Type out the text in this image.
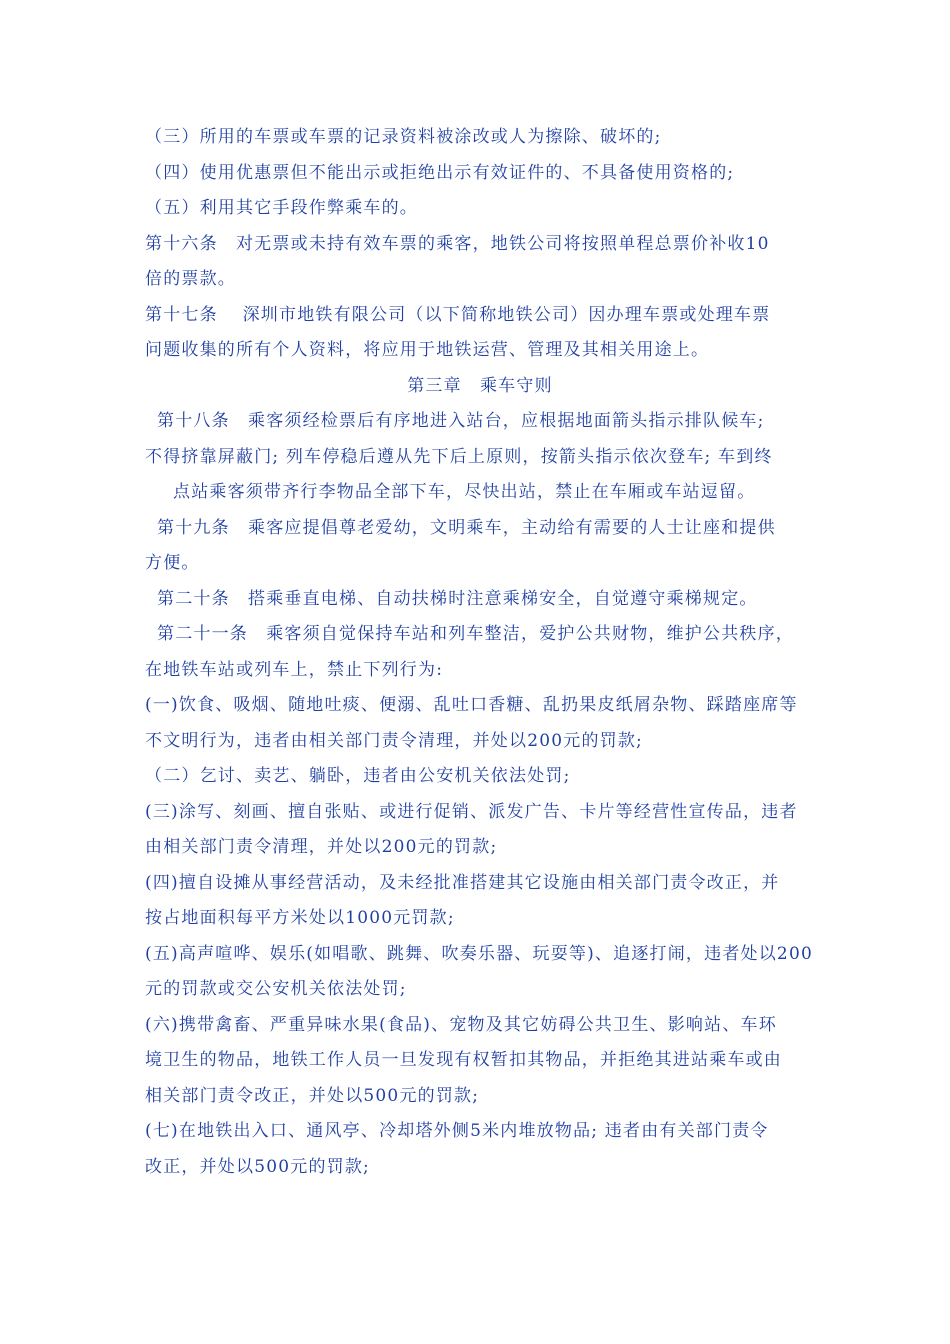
（三）所用的车票或车票的记录资料被涂改或人为擦除、破坏的;
（四）使用优惠票但不能出示或拒绝出示有效证件的、不具备使用资格的;
（五）利用其它手段作弊乘车的。
第十六条　对无票或未持有效车票的乘客，地铁公司将按照单程总票价补收10
倍的票款。
第十七条　 深圳市地铁有限公司（以下简称地铁公司）因办理车票或处理车票
问题收集的所有个人资料，将应用于地铁运营、管理及其相关用途上。
第三章　乘车守则
第十八条　乘客须经检票后有序地进入站台，应根据地面箭头指示排队候车;
不得挤靠屏蔽门; 列车停稳后遵从先下后上原则，按箭头指示依次登车; 车到终
点站乘客须带齐行李物品全部下车，尽快出站，禁止在车厢或车站逗留。
第十九条　乘客应提倡尊老爱幼，文明乘车，主动给有需要的人士让座和提供
方便。
第二十条　搭乘垂直电梯、自动扶梯时注意乘梯安全，自觉遵守乘梯规定。
第二十一条　乘客须自觉保持车站和列车整洁，爱护公共财物，维护公共秩序，
在地铁车站或列车上，禁止下列行为:
(一)饮食、吸烟、随地吐痰、便溺、乱吐口香糖、乱扔果皮纸屑杂物、踩踏座席等
不文明行为，违者由相关部门责令清理，并处以200元的罚款;
（二）乞讨、卖艺、躺卧，违者由公安机关依法处罚;
(三)涂写、刻画、擅自张贴、或进行促销、派发广告、卡片等经营性宣传品，违者
由相关部门责令清理，并处以200元的罚款;
(四)擅自设摊从事经营活动，及未经批准搭建其它设施由相关部门责令改正，并
按占地面积每平方米处以1000元罚款;
(五)高声喧哗、娱乐(如唱歌、跳舞、吹奏乐器、玩耍等)、追逐打闹，违者处以200
元的罚款或交公安机关依法处罚;
(六)携带禽畜、严重异味水果(食品)、宠物及其它妨碍公共卫生、影响站、车环
境卫生的物品，地铁工作人员一旦发现有权暂扣其物品，并拒绝其进站乘车或由
相关部门责令改正，并处以500元的罚款;
(七)在地铁出入口、通风亭、冷却塔外侧5米内堆放物品; 违者由有关部门责令
改正，并处以500元的罚款;
